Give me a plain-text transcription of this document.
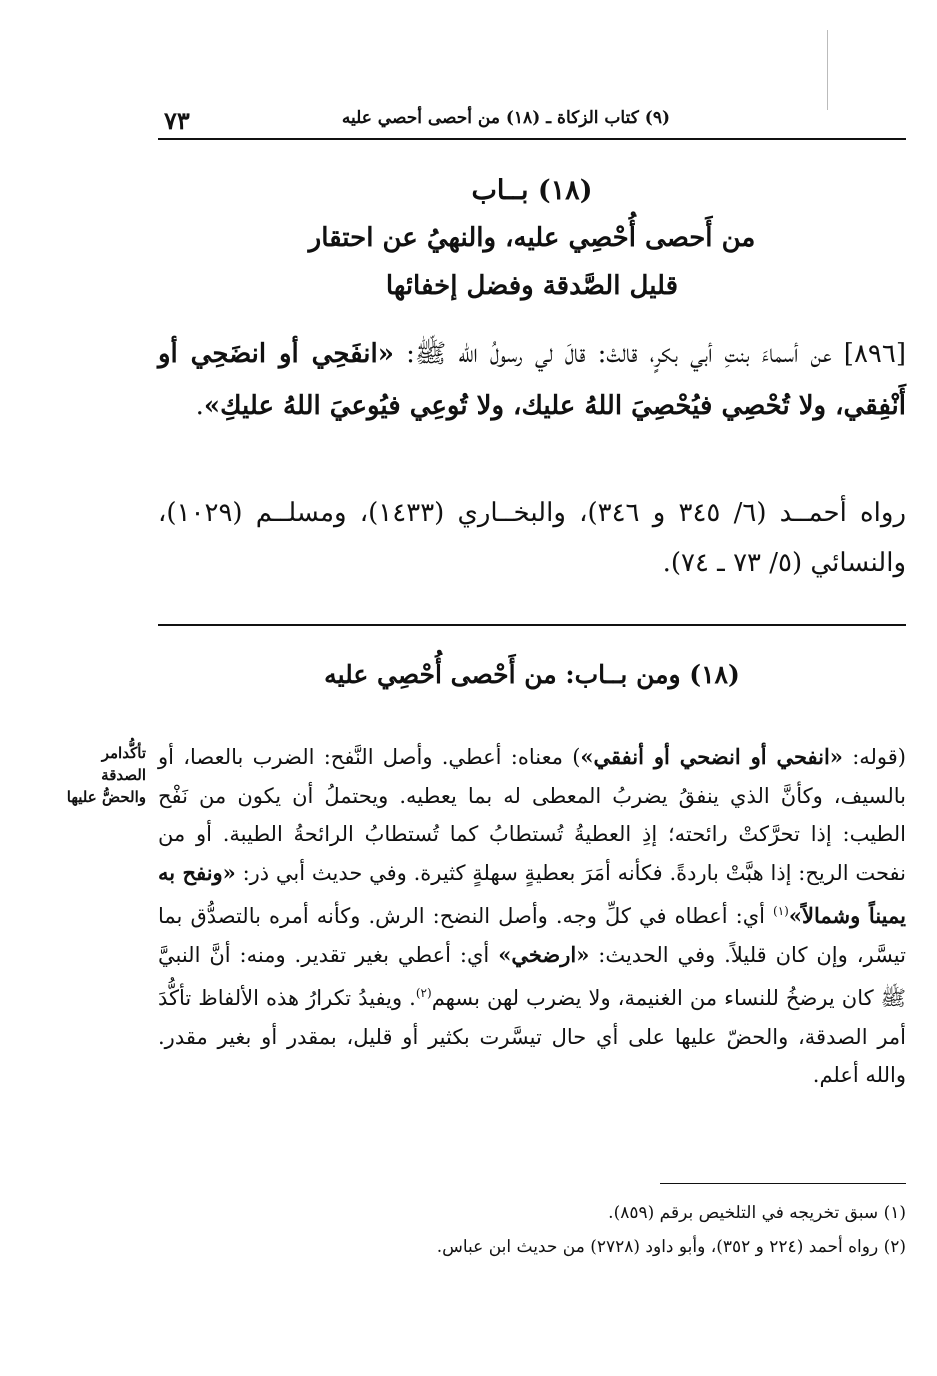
٧٣	(٩) كتاب الزكاة ـ (١٨) من أحصى أحصي عليه
(١٨) بــاب
من أَحصى أُحْصِي عليه، والنهيُ عن احتقار
قليل الصَّدقة وفضل إخفائها
[٨٩٦] عن أسماءَ بنتِ أبي بكرٍ، قالتْ: قالَ لي رسولُ الله ﷺ: «انفَحِي أو انضَحِي أو أَنْفِقي، ولا تُحْصِي فيُحْصِيَ اللهُ عليك، ولا تُوعِي فيُوعيَ اللهُ عليكِ».
رواه أحمــد (٦/ ٣٤٥ و ٣٤٦)، والبخــاري (١٤٣٣)، ومسلــم (١٠٢٩)، والنسائي (٥/ ٧٣ ـ ٧٤).
(١٨) ومن بــاب: من أَحْصى أُحْصِي عليه
(قوله: «انفحي أو انضحي أو أنفقي») معناه: أعطي. وأصل النَّفح: الضرب بالعصا، أو بالسيف، وكأنَّ الذي ينفقُ يضربُ المعطى له بما يعطيه. ويحتملُ أن يكون من نَفْح الطيب: إذا تحرَّكتْ رائحته؛ إذِ العطيةُ تُستطابُ كما تُستطابُ الرائحةُ الطيبة. أو من نفحت الريح: إذا هبَّتْ باردةً. فكأنه أمَرَ بعطيةٍ سهلةٍ كثيرة. وفي حديث أبي ذر: «ونفح به يميناً وشمالاً»$^{(١)}$ أي: أعطاه في كلِّ وجه. وأصل النضح: الرش. وكأنه أمره بالتصدُّق بما تيسَّر، وإن كان قليلاً. وفي الحديث: «ارضخي» أي: أعطي بغير تقدير. ومنه: أنَّ النبيَّ ﷺ كان يرضخُ للنساء من الغنيمة، ولا يضرب لهن بسهم$^{(٢)}$. ويفيدُ تكرارُ هذه الألفاظ تأكُّدَ أمر الصدقة، والحضّ عليها على أي حال تيسَّرت بكثير أو قليل، بمقدر أو بغير مقدر. والله أعلم.
تأكُّدامر
الصدقة
والحضُّ عليها
(١) سبق تخريجه في التلخيص برقم (٨٥٩).
(٢) رواه أحمد (٢٢٤ و ٣٥٢)، وأبو داود (٢٧٢٨) من حديث ابن عباس.
